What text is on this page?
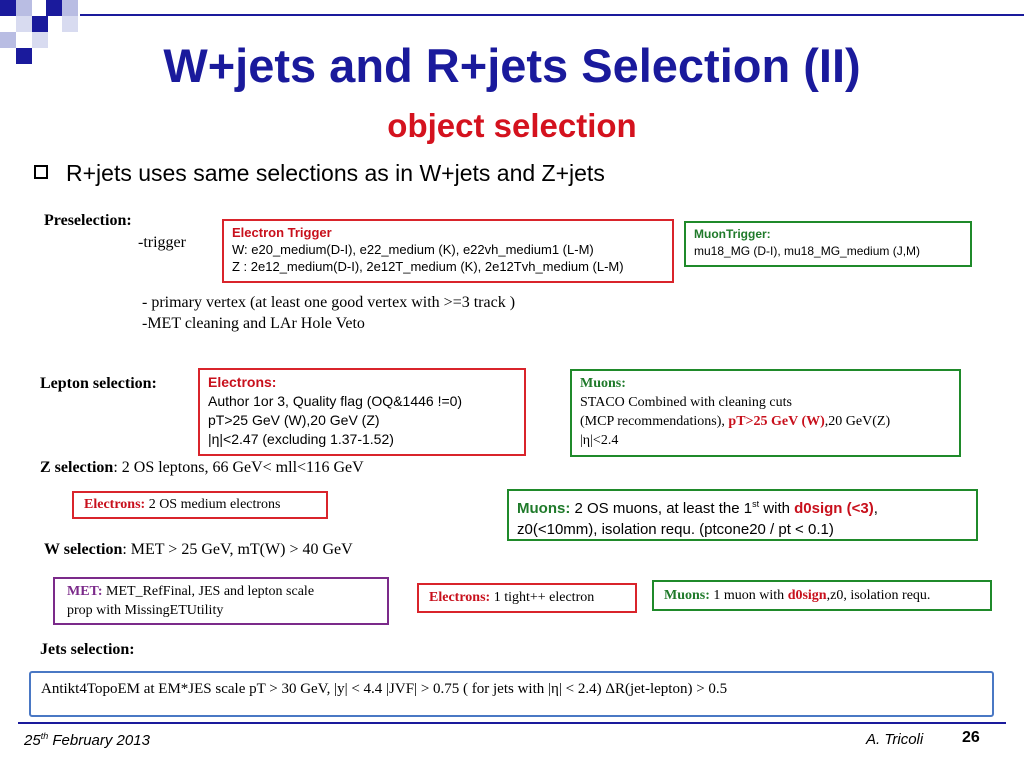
W+jets and R+jets Selection (II)
object selection
R+jets uses same selections as in W+jets and Z+jets
Preselection:
-trigger
Electron Trigger
W: e20_medium(D-I), e22_medium (K), e22vh_medium1 (L-M)
Z : 2e12_medium(D-I), 2e12T_medium (K), 2e12Tvh_medium (L-M)
MuonTrigger:
mu18_MG (D-I), mu18_MG_medium (J,M)
- primary vertex (at least one good vertex with >=3 track )
-MET cleaning and LAr Hole Veto
Lepton selection:	Electrons:
Author 1or 3, Quality flag (OQ&1446 !=0)
pT>25 GeV (W),20 GeV (Z)
|η|<2.47 (excluding 1.37-1.52)
Muons:
STACO Combined with cleaning cuts
(MCP recommendations), pT>25 GeV (W),20 GeV(Z)
|η|<2.4
Z selection: 2 OS leptons, 66 GeV< mll<116 GeV
Electrons: 2 OS medium electrons	Muons: 2 OS muons, at least the 1st with d0sign (<3),
z0(<10mm), isolation requ. (ptcone20 / pt < 0.1)
W selection: MET > 25 GeV, mT(W) > 40 GeV
MET: MET_RefFinal, JES and lepton scale
prop with MissingETUtility
Electrons: 1 tight++ electron	Muons: 1 muon with d0sign,z0, isolation requ.
Jets selection:
Antikt4TopoEM at EM*JES scale pT > 30 GeV, |y| < 4.4 |JVF| > 0.75 ( for jets with |η| < 2.4) ΔR(jet-lepton) > 0.5
25th February 2013	A. Tricoli 26
